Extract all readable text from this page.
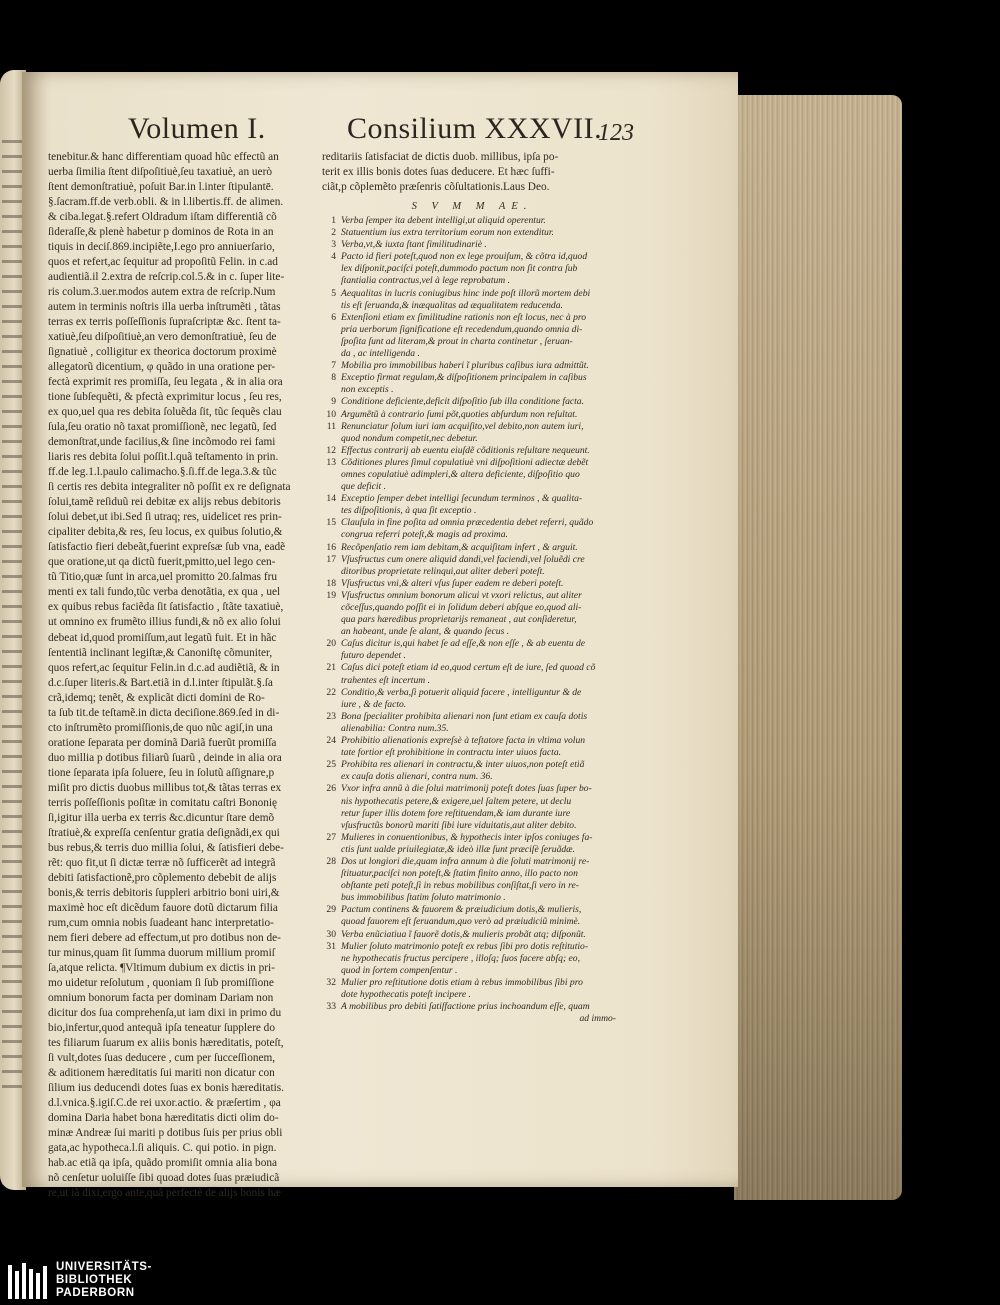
Volumen I.	Consilium XXXVII.
123
tenebitur.& hanc differentiam quoad hũc effectũ an
uerba ſimilia ſtent diſpoſitiuè,ſeu taxatiuè, an uerò
ſtent demonſtratiuè, poſuit Bar.in l.inter ſtipulantē.
§.ſacram.ff.de verb.obli. & in l.libertis.ff. de alimen.
& ciba.legat.§.refert Oldradum iſtam differentiã cõ
ſideraſſe,& plenè habetur p dominos de Rota in an
tiquis in deciſ.869.incipiẽte,I.ego pro anniuerſario,
quos et refert,ac ſequitur ad propoſitũ Felin. in c.ad
audientiã.il 2.extra de reſcrip.col.5.& in c. ſuper lite-
ris colum.3.uer.modos autem extra de reſcrip.Num
autem in terminis noſtris illa uerba inſtrumẽti , tãtas
terras ex terris poſſeſſionis ſupraſcriptæ &c. ſtent ta-
xatiuè,ſeu diſpoſitiuè,an vero demonſtratiuè, ſeu de
ſignatiuè , colligitur ex theorica doctorum proximè
allegatorũ dicentium, φ quãdo in una oratione per-
fectà exprimit res promiſſa, ſeu legata , & in alia ora
tione ſubſequẽti, & pfectà exprimitur locus , ſeu res,
ex quo,uel qua res debita ſoluẽda ſit, tũc ſequẽs clau
ſula,ſeu oratio nõ taxat promiſſionẽ, nec legatũ, ſed
demonſtrat,unde facilius,& ſine incõmodo rei fami
liaris res debita ſolui poſſit.l.quã teſtamento in prin.
ff.de leg.1.l.paulo calimacho.§.ſi.ff.de lega.3.& tũc
ſi certis res debita integraliter nõ poſſit ex re deſignata
ſolui,tamẽ reſiduũ rei debitæ ex alijs rebus debitoris
ſolui debet,ut ibi.Sed ſi utraq; res, uidelicet res prin-
cipaliter debita,& res, ſeu locus, ex quibus ſolutio,&
ſatisfactio fieri debeãt,fuerint expreſsæ ſub vna, eadẽ
que oratione,ut qa dictũ fuerit,pmitto,uel lego cen-
tũ Titio,quæ ſunt in arca,uel promitto 20.ſalmas fru
menti ex tali fundo,tũc verba denotãtia, ex qua , uel
ex quibus rebus faciẽda ſit ſatisfactio , ſtãte taxatiuè,
ut omnino ex frumẽto illius fundi,& nõ ex alio ſolui
debeat id,quod promiſſum,aut legatũ fuit. Et in hãc
ſententiã inclinant legiſtæ,& Canoniſtę cõmuniter,
quos refert,ac ſequitur Felin.in d.c.ad audiẽtiã, & in
d.c.ſuper literis.& Bart.etiã in d.l.inter ſtipulãt.§.ſa
crã,idemq; tenẽt, & explicãt dicti domini de Ro-
ta ſub tit.de teſtamẽ.in dicta deciſione.869.ſed in di-
cto inſtrumẽto promiſſionis,de quo nũc agiſ,in una
oratione ſeparata per dominã Dariã fuerũt promiſſa
duo millia p dotibus filiarũ ſuarũ , deinde in alia ora
tione ſeparata ipſa ſoluere, ſeu in ſolutũ aſſignare,p
miſit pro dictis duobus millibus tot,& tãtas terras ex
terris poſſeſſionis poſitæ in comitatu caſtri Bononię
ſi,igitur illa uerba ex terris &c.dicuntur ſtare demõ
ſtratiuè,& expreſſa cenſentur gratia deſignãdi,ex qui
bus rebus,& terris duo millia ſolui, & ſatisfieri debe-
rẽt: quo fit,ut ſi dictæ terræ nõ ſufficerẽt ad integrã
debiti ſatisfactionẽ,pro cõplemento debebit de alijs
bonis,& terris debitoris ſuppleri arbitrio boni uiri,&
maximè hoc eſt dicẽdum fauore dotũ dictarum filia
rum,cum omnia nobis ſuadeant hanc interpretatio-
nem fieri debere ad effectum,ut pro dotibus non de-
tur minus,quam ſit ſumma duorum millium promiſ
ſa,atque relicta. ¶Vltimum dubium ex dictis in pri-
mo uidetur reſolutum , quoniam ſi ſub promiſſione
omnium bonorum facta per dominam Dariam non
dicitur dos ſua comprehenſa,ut iam dixi in primo du
bio,infertur,quod antequã ipſa teneatur ſupplere do
tes filiarum ſuarum ex aliis bonis hæreditatis, poteſt,
ſi vult,dotes ſuas deducere , cum per ſucceſſionem,
& aditionem hæreditatis ſui mariti non dicatur con
ſilium ius deducendi dotes ſuas ex bonis hæreditatis.
d.l.vnica.§.igiſ.C.de rei uxor.actio. & præſertim , φa
domina Daria habet bona hæreditatis dicti olim do-
minæ Andreæ ſui mariti p dotibus ſuis per prius obli
gata,ac hypotheca.l.ſi aliquis. C. qui potio. in pign.
hab.ac etiã qa ipſa, quãdo promiſit omnia alia bona
nõ cenſetur uoluiſſe ſibi quoad dotes ſuas præiudicã
re,ut iã dixi,ergo ante,quã perfectè de alijs bonis hæ
reditariis ſatisfaciat de dictis duob. millibus, ipſa po-
terit ex illis bonis dotes ſuas deducere. Et hæc ſuffi-
ciãt,p cõplemẽto præſenris cõſultationis.Laus Deo.
S V M M AE.
1 Verba ſemper ita debent intelligi,ut aliquid operentur.
2 Statuentium ius extra territorium eorum non extenditur.
3 Verba,vt,& iuxta ſtant ſimilitudinariè .
4 Pacto id fieri poteſt,quod non ex lege prouiſum, & cõtra id,quod
lex diſponit,paciſci poteſt,dummodo pactum non ſit contra ſub
ſtantialia contractus,vel à lege reprobatum .
5 Aequalitas in lucris coniugibus hinc inde poſt illorũ mortem debi
tis eſt ſeruanda,& inæqualitas ad æqualitatem reducenda.
6 Extenſioni etiam ex ſimilitudine rationis non eſt locus, nec à pro
pria uerborum ſignificatione eſt recedendum,quando omnia di-
ſpoſita ſunt ad literam,& prout in charta continetur , ſeruan-
da , ac intelligenda .
7 Mobilia pro immobilibus haberi ĩ pluribus caſibus iura admittũt.
8 Exceptio firmat regulam,& diſpoſitionem principalem in caſibus
non exceptis .
9 Conditione deficiente,deficit diſpoſitio ſub illa conditione facta.
10 Argumẽtũ à contrario ſumi põt,quoties abſurdum non reſultat.
11 Renunciatur ſolum iuri iam acquiſito,vel debito,non autem iuri,
quod nondum competit,nec debetur.
12 Effectus contrarij ab euentu eiuſdẽ cõditionis reſultare nequeunt.
13 Cõditiones plures ſimul copulatiuè vni diſpoſitioni adiectæ debẽt
omnes copulatiuè adimpleri,& altera deficiente, diſpoſitio quo
que deficit .
14 Exceptio ſemper debet intelligi ſecundum terminos , & qualita-
tes diſpoſitionis, à qua ſit exceptio .
15 Clauſula in fine poſita ad omnia præcedentia debet referri, quãdo
congrua referri poteſt,& magis ad proxima.
16 Recõpenſatio rem iam debitam,& acquiſitam infert , & arguit.
17 Vſusfructus cum onere aliquid dandi,vel faciendi,vel ſoluẽdi cre
ditoribus proprietate relinqui,aut aliter deberi poteſt.
18 Vſusfructus vni,& alteri vſus ſuper eadem re deberi poteſt.
19 Vſusfructus omnium bonorum alicui vt vxori relictus, aut aliter
cõceſſus,quando poſſit ei in ſolidum deberi abſque eo,quod ali-
qua pars hæredibus proprietarijs remaneat , aut conſideretur,
an habeant, unde ſe alant, & quando ſecus .
20 Caſus dicitur is,qui habet ſe ad eſſe,& non eſſe , & ab euentu de
futuro dependet .
21 Caſus dici poteſt etiam id eo,quod certum eſt de iure, ſed quoad cõ
trahentes eſt incertum .
22 Conditio,& verba,ſi potuerit aliquid facere , intelliguntur & de
iure , & de facto.
23 Bona ſpecialiter prohibita alienari non ſunt etiam ex cauſa dotis
alienabilia: Contra num.35.
24 Prohibitio alienationis expreſsè à teſtatore facta in vltima volun
tate fortior eſt prohibitione in contractu inter uiuos facta.
25 Prohibita res alienari in contractu,& inter uiuos,non poteſt etiã
ex cauſa dotis alienari, contra num. 36.
26 Vxor infra annũ à die ſolui matrimonij poteſt dotes ſuas ſuper bo-
nis hypothecatis petere,& exigere,uel ſaltem petere, ut declu
retur ſuper illis dotem fore reſtituendam,& iam durante iure
vſusfructũs bonorũ mariti ſibi iure viduitatis,aut aliter debito.
27 Mulieres in conuentionibus, & hypothecis inter ipſos coniuges fa-
ctis ſunt ualde priuilegiatæ,& ideò illæ ſunt præciſè ſeruãdæ.
28 Dos ut longiori die,quam infra annum à die ſoluti matrimonij re-
ſtituatur,paciſci non poteſt,& ſtatim finito anno, illo pacto non
obſtante peti poteſt,ſi in rebus mobilibus conſiſtat,ſi vero in re-
bus immobilibus ſtatim ſoluto matrimonio .
29 Pactum continens & fauorem & præiudicium dotis,& mulieris,
quoad fauorem eſt ſeruandum,quo verò ad præiudiciũ minimè.
30 Verba enũciatiua ĩ fauorẽ dotis,& mulieris probãt atq; diſponũt.
31 Mulier ſoluto matrimonio poteſt ex rebus ſibi pro dotis reſtitutio-
ne hypothecatis fructus percipere , illoſq; ſuos facere abſq; eo,
quod in ſortem compenſentur .
32 Mulier pro reſtitutione dotis etiam à rebus immobilibus ſibi pro
dote hypothecatis poteſt incipere .
33 A mobilibus pro debiti ſatiſfactione prius inchoandum eſſe, quam
ad immo-
UNIVERSITÄTS-
BIBLIOTHEK
PADERBORN
